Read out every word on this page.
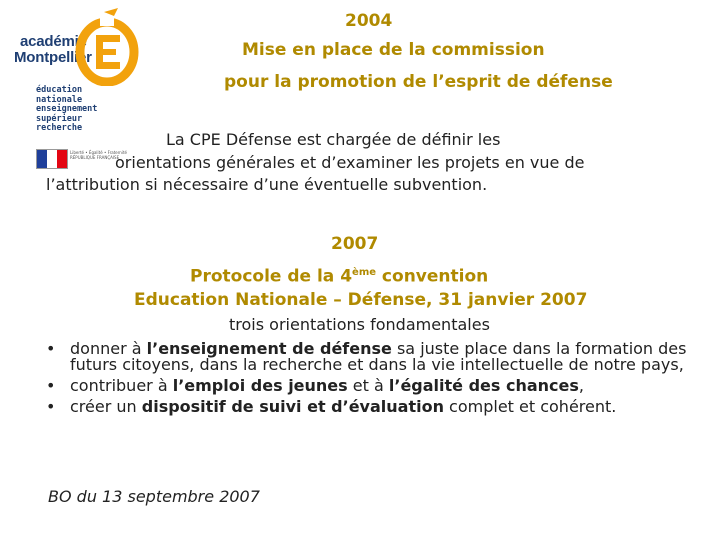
académie
Montpellier
éducation
nationale
enseignement
supérieur
recherche
Liberté • Égalité • Fraternité RÉPUBLIQUE FRANÇAISE

2004

Mise en place de la commission

pour la promotion de l’esprit de défense

La CPE Défense est chargée de définir les

orientations générales et d’examiner les projets en vue de

l’attribution si nécessaire d’une éventuelle subvention.

2007

Protocole de la 4ème convention

Education Nationale – Défense, 31 janvier 2007

trois orientations fondamentales

• donner à l’enseignement de défense sa juste place dans la formation des futurs citoyens, dans la recherche et dans la vie intellectuelle de notre pays,
• contribuer à l’emploi des jeunes et à l’égalité des chances,
• créer un dispositif de suivi et d’évaluation complet et cohérent.

BO du 13 septembre 2007
